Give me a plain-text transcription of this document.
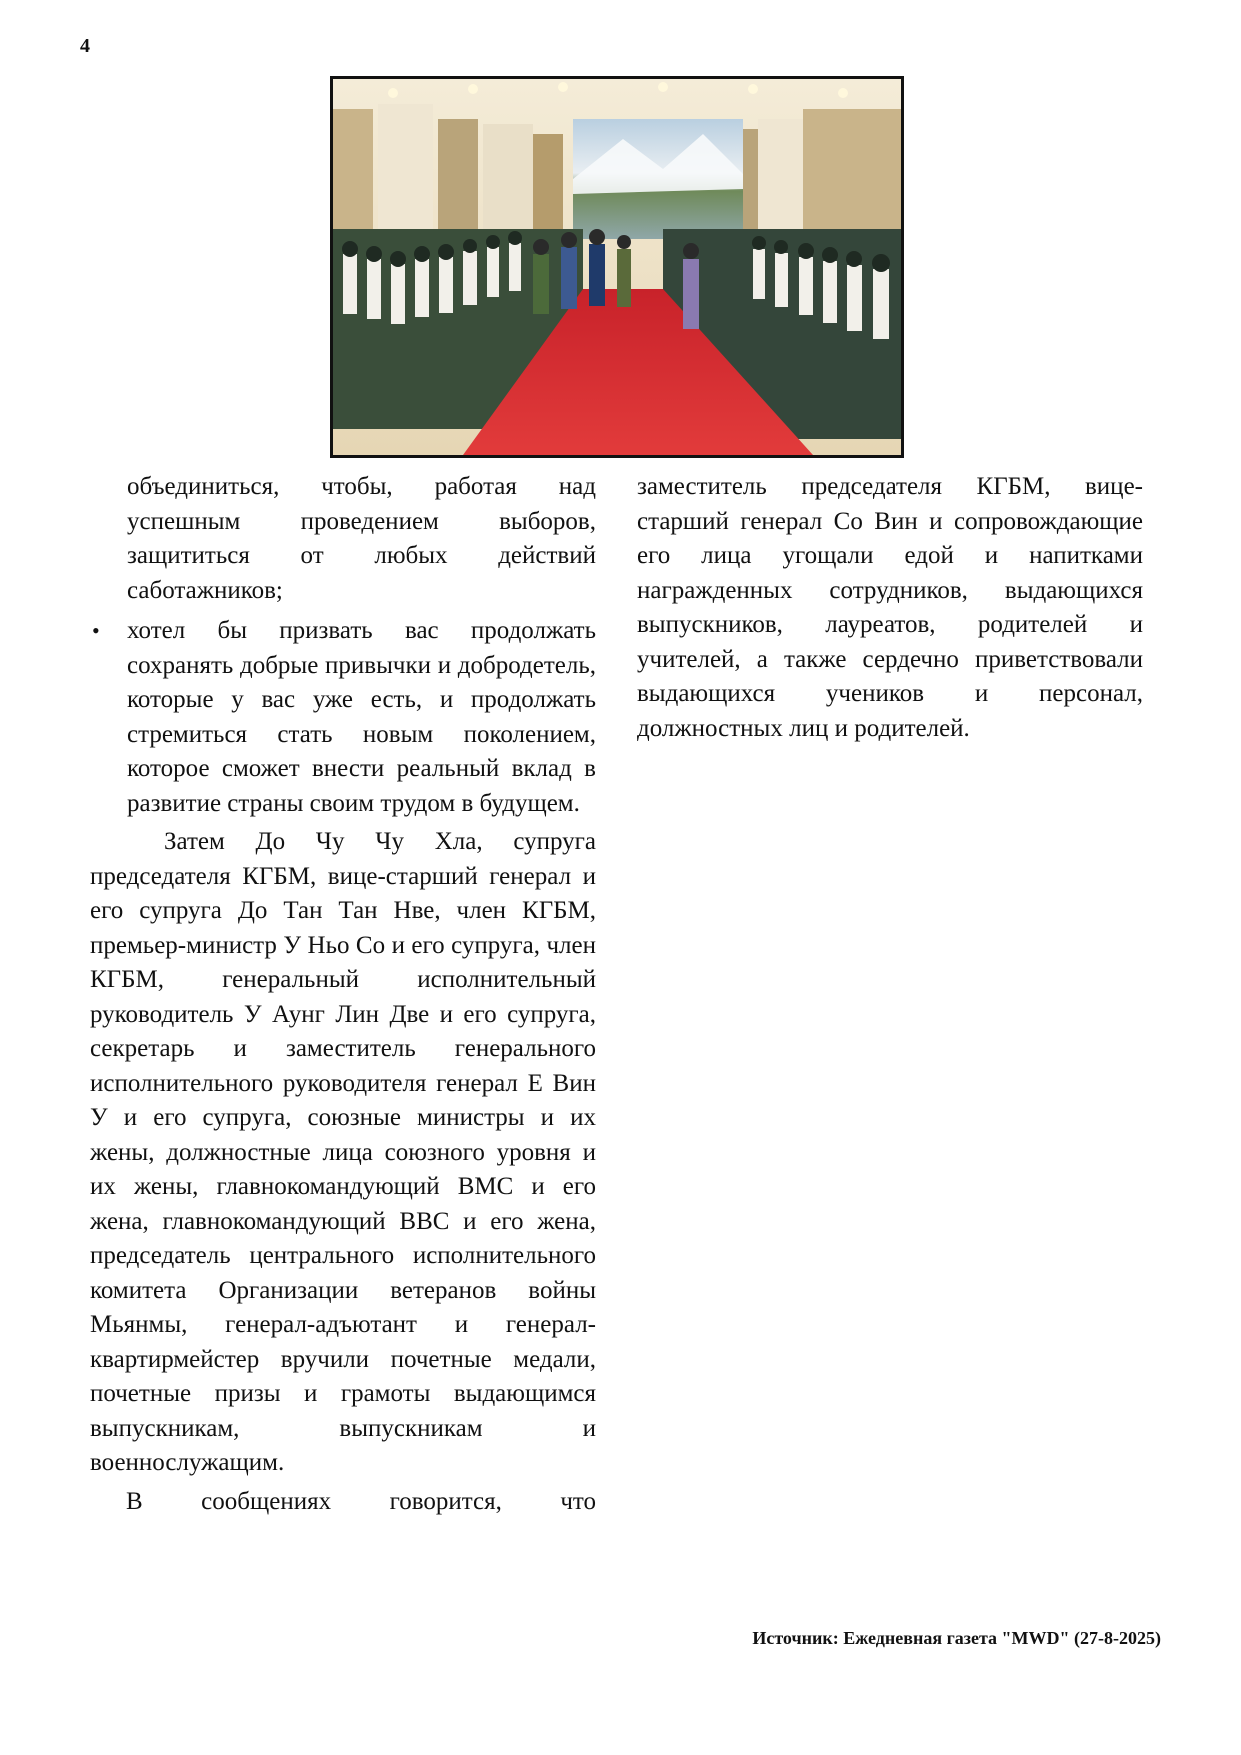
4

объединиться, чтобы, работая над успешным проведением выборов, защититься от любых действий саботажников;

• хотел бы призвать вас продолжать сохранять добрые привычки и добродетель, которые у вас уже есть, и продолжать стремиться стать новым поколением, которое сможет внести реальный вклад в развитие страны своим трудом в будущем.

Затем До Чу Чу Хла, супруга председателя КГБМ, вице-старший генерал и его супруга До Тан Тан Нве, член КГБМ, премьер-министр У Ньо Со и его супруга, член КГБМ, генеральный исполнительный руководитель У Аунг Лин Две и его супруга, секретарь и заместитель генерального исполнительного руководителя генерал Е Вин У и его супруга, союзные министры и их жены, должностные лица союзного уровня и их жены, главнокомандующий ВМС и его жена, главнокомандующий ВВС и его жена, председатель центрального исполнительного комитета Организации ветеранов войны Мьянмы, генерал-адъютант и генерал-квартирмейстер вручили почетные медали, почетные призы и грамоты выдающимся выпускникам, выпускникам и военнослужащим.

В сообщениях говорится, что

заместитель председателя КГБМ, вице-старший генерал Со Вин и сопровождающие его лица угощали едой и напитками награжденных сотрудников, выдающихся выпускников, лауреатов, родителей и учителей, а также сердечно приветствовали выдающихся учеников и персонал, должностных лиц и родителей.

Источник: Ежедневная газета "MWD" (27-8-2025)
